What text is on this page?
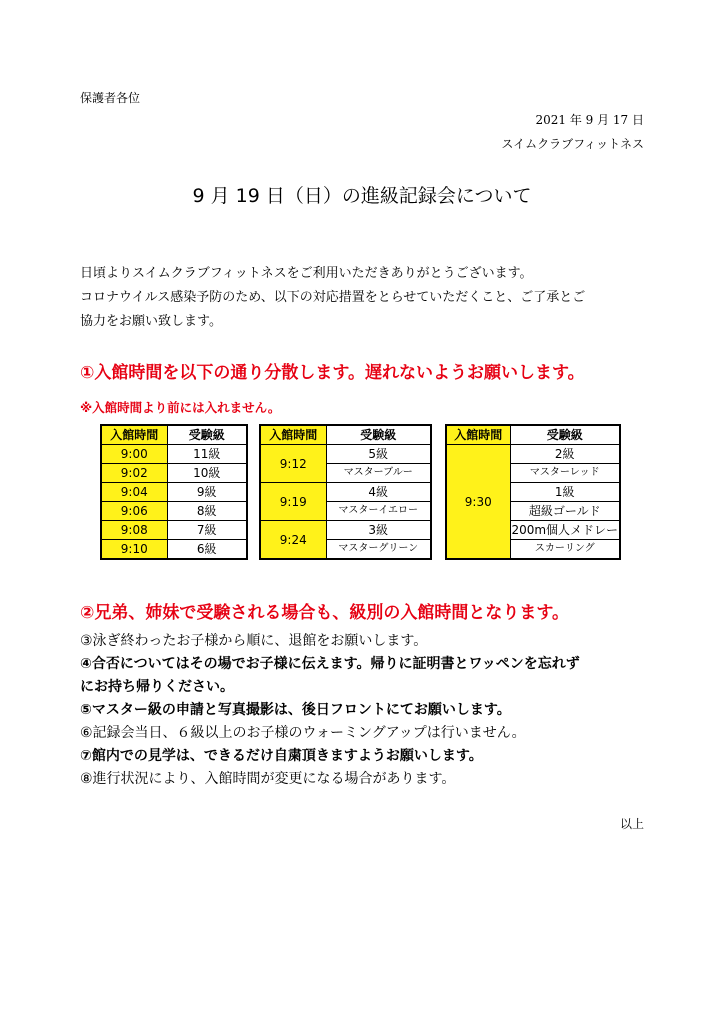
保護者各位
2021 年 9 月 17 日
スイムクラブフィットネス
9 月 19 日（日）の進級記録会について
日頃よりスイムクラブフィットネスをご利用いただきありがとうございます。
コロナウイルス感染予防のため、以下の対応措置をとらせていただくこと、ご了承とご
協力をお願い致します。
①入館時間を以下の通り分散します。遅れないようお願いします。
※入館時間より前には入れません。
入館時間	受験級
9:00	11級
9:02	10級
9:04	9級
9:06	8級
9:08	7級
9:10	6級
入館時間	受験級
9:12	5級
	マスターブルー
9:19	4級
	マスターイエロー
9:24	3級
	マスターグリーン
入館時間	受験級
9:30	2級
	マスターレッド
	1級
	超級ゴールド
	200m個人メドレー
	スカーリング
②兄弟、姉妹で受験される場合も、級別の入館時間となります。
③泳ぎ終わったお子様から順に、退館をお願いします。
④合否についてはその場でお子様に伝えます。帰りに証明書とワッペンを忘れず
にお持ち帰りください。
⑤マスター級の申請と写真撮影は、後日フロントにてお願いします。
⑥記録会当日、６級以上のお子様のウォーミングアップは行いません。
⑦館内での見学は、できるだけ自粛頂きますようお願いします。
⑧進行状況により、入館時間が変更になる場合があります。
以上
